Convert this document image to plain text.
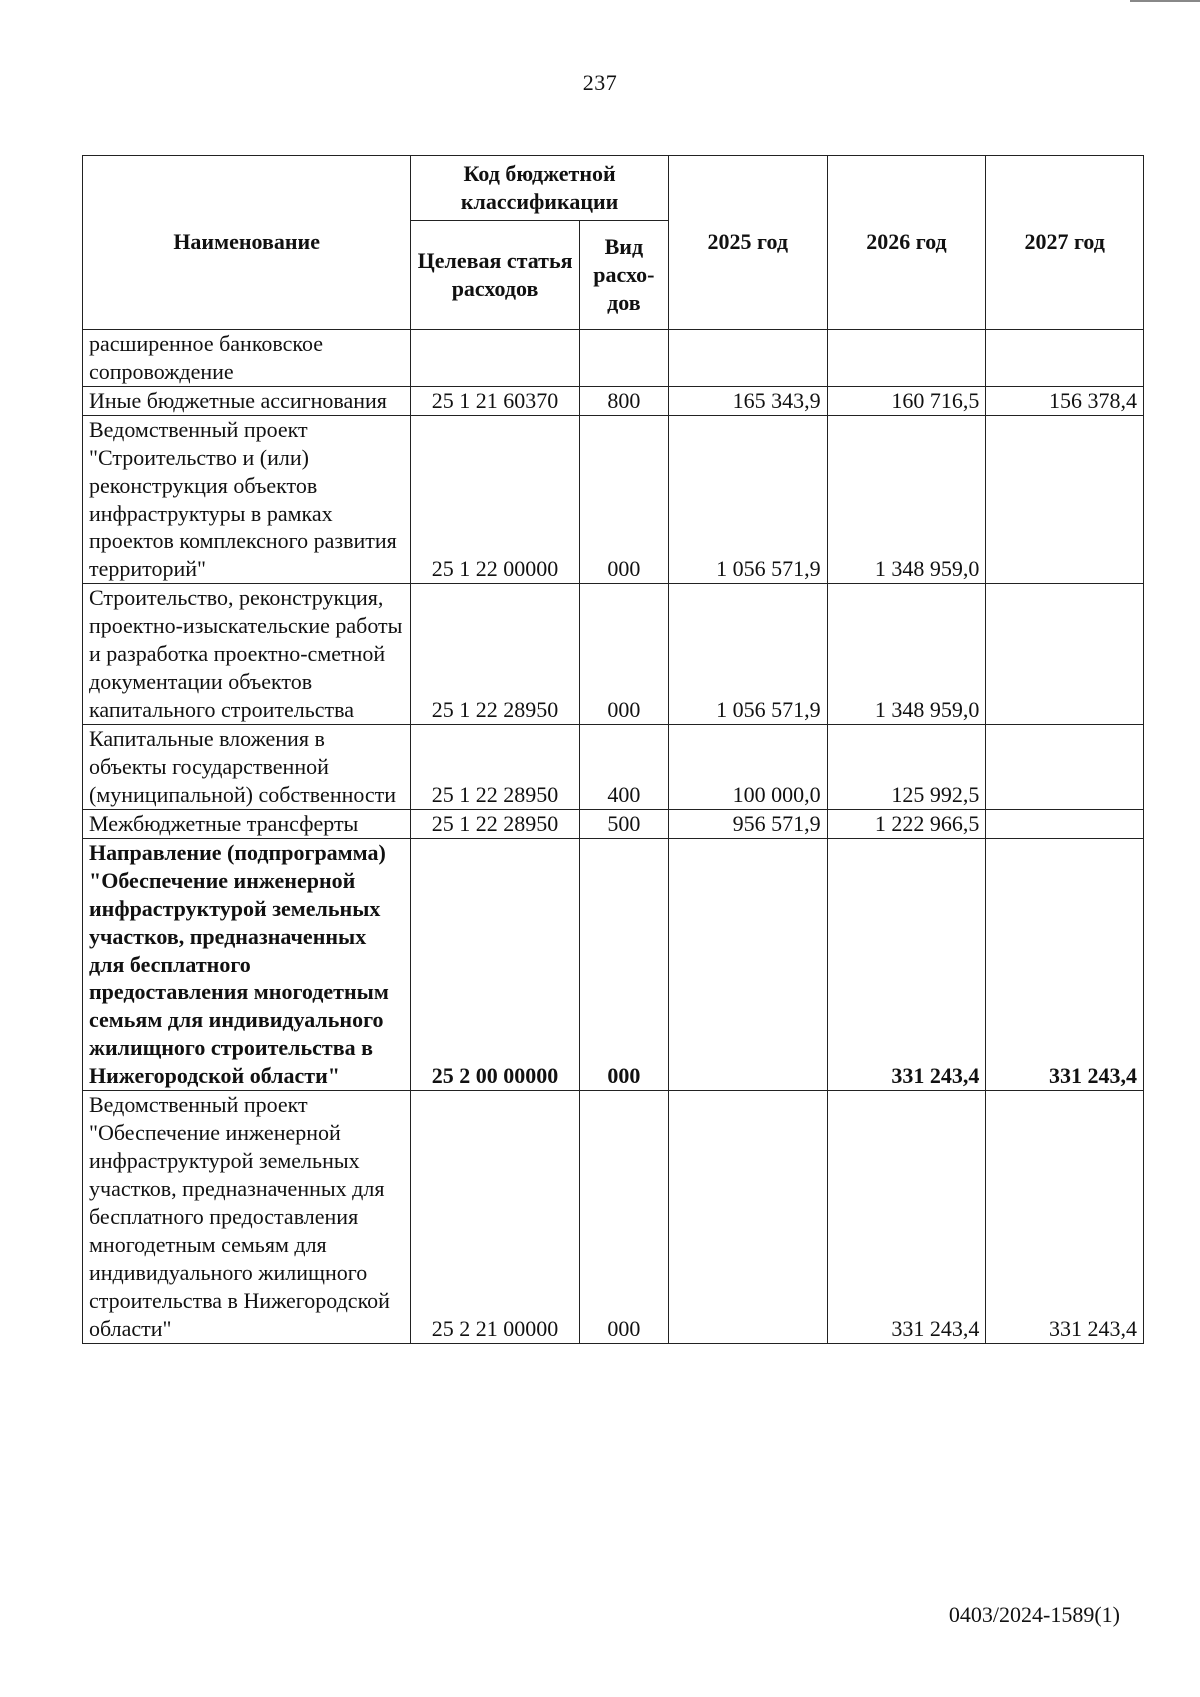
237
Наименование	Код бюджетной классификации		2025 год	2026 год	2027 год
	Целевая статья расходов	Вид расхо-дов			
расширенное банковское сопровождение					
Иные бюджетные ассигнования	25 1 21 60370	800	165 343,9	160 716,5	156 378,4
Ведомственный проект "Строительство и (или) реконструкция объектов инфраструктуры в рамках проектов комплексного развития территорий"	25 1 22 00000	000	1 056 571,9	1 348 959,0	
Строительство, реконструкция, проектно-изыскательские работы и разработка проектно-сметной документации объектов капитального строительства	25 1 22 28950	000	1 056 571,9	1 348 959,0	
Капитальные вложения в объекты государственной (муниципальной) собственности	25 1 22 28950	400	100 000,0	125 992,5	
Межбюджетные трансферты	25 1 22 28950	500	956 571,9	1 222 966,5	
Направление (подпрограмма) "Обеспечение инженерной инфраструктурой земельных участков, предназначенных для бесплатного предоставления многодетным семьям для индивидуального жилищного строительства в Нижегородской области"	25 2 00 00000	000		331 243,4	331 243,4
Ведомственный проект "Обеспечение инженерной инфраструктурой земельных участков, предназначенных для бесплатного предоставления многодетным семьям для индивидуального жилищного строительства в Нижегородской области"	25 2 21 00000	000		331 243,4	331 243,4
0403/2024-1589(1)
